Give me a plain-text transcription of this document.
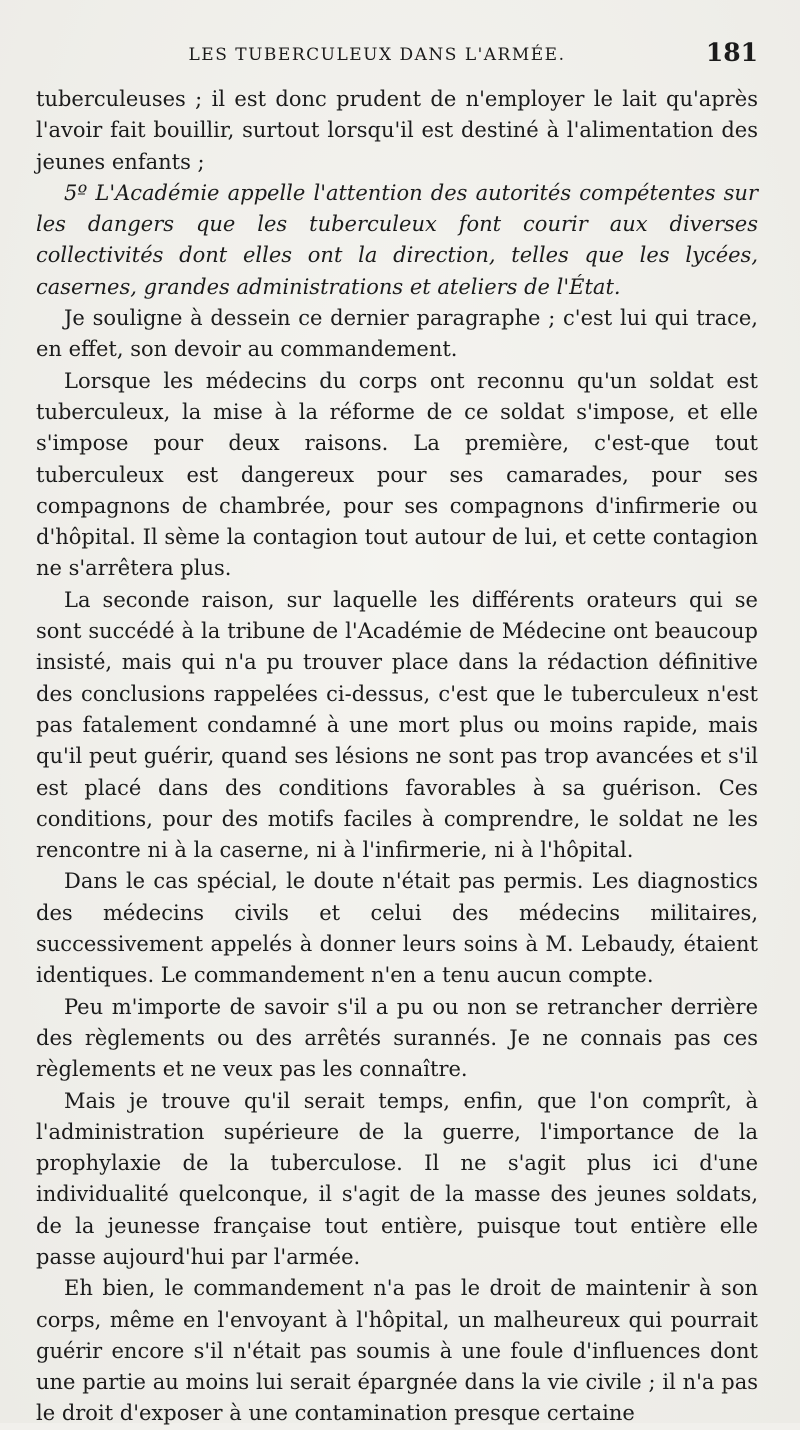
LES TUBERCULEUX DANS L'ARMÉE.	181

tuberculeuses ; il est donc prudent de n'employer le lait qu'après l'avoir fait bouillir, surtout lorsqu'il est destiné à l'alimentation des jeunes enfants ;

5º L'Académie appelle l'attention des autorités compétentes sur les dangers que les tuberculeux font courir aux diverses collectivités dont elles ont la direction, telles que les lycées, casernes, grandes administrations et ateliers de l'État.

Je souligne à dessein ce dernier paragraphe ; c'est lui qui trace, en effet, son devoir au commandement.

Lorsque les médecins du corps ont reconnu qu'un soldat est tuberculeux, la mise à la réforme de ce soldat s'impose, et elle s'impose pour deux raisons. La première, c'est-que tout tuberculeux est dangereux pour ses camarades, pour ses compagnons de chambrée, pour ses compagnons d'infirmerie ou d'hôpital. Il sème la contagion tout autour de lui, et cette contagion ne s'arrêtera plus.

La seconde raison, sur laquelle les différents orateurs qui se sont succédé à la tribune de l'Académie de Médecine ont beaucoup insisté, mais qui n'a pu trouver place dans la rédaction définitive des conclusions rappelées ci-dessus, c'est que le tuberculeux n'est pas fatalement condamné à une mort plus ou moins rapide, mais qu'il peut guérir, quand ses lésions ne sont pas trop avancées et s'il est placé dans des conditions favorables à sa guérison. Ces conditions, pour des motifs faciles à comprendre, le soldat ne les rencontre ni à la caserne, ni à l'infirmerie, ni à l'hôpital.

Dans le cas spécial, le doute n'était pas permis. Les diagnostics des médecins civils et celui des médecins militaires, successivement appelés à donner leurs soins à M. Lebaudy, étaient identiques. Le commandement n'en a tenu aucun compte.

Peu m'importe de savoir s'il a pu ou non se retrancher derrière des règlements ou des arrêtés surannés. Je ne connais pas ces règlements et ne veux pas les connaître.

Mais je trouve qu'il serait temps, enfin, que l'on comprît, à l'administration supérieure de la guerre, l'importance de la prophylaxie de la tuberculose. Il ne s'agit plus ici d'une individualité quelconque, il s'agit de la masse des jeunes soldats, de la jeunesse française tout entière, puisque tout entière elle passe aujourd'hui par l'armée.

Eh bien, le commandement n'a pas le droit de maintenir à son corps, même en l'envoyant à l'hôpital, un malheureux qui pourrait guérir encore s'il n'était pas soumis à une foule d'influences dont une partie au moins lui serait épargnée dans la vie civile ; il n'a pas le droit d'exposer à une contamination presque certaine
